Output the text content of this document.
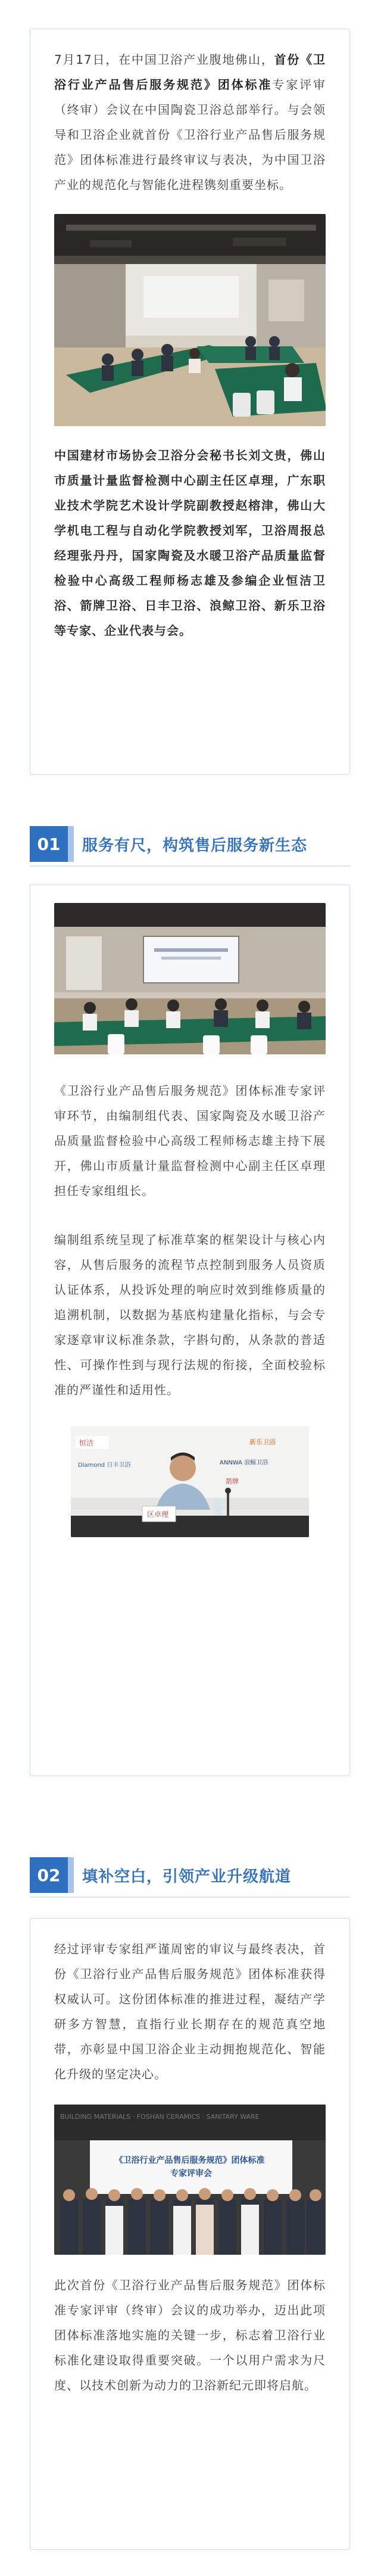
7月17日，在中国卫浴产业腹地佛山，首份《卫浴行业产品售后服务规范》团体标准专家评审（终审）会议在中国陶瓷卫浴总部举行。与会领导和卫浴企业就首份《卫浴行业产品售后服务规范》团体标准进行最终审议与表决，为中国卫浴产业的规范化与智能化进程镌刻重要坐标。

中国建材市场协会卫浴分会秘书长刘文贵，佛山市质量计量监督检测中心副主任区卓理，广东职业技术学院艺术设计学院副教授赵榕津，佛山大学机电工程与自动化学院教授刘军，卫浴周报总经理张丹丹，国家陶瓷及水暖卫浴产品质量监督检验中心高级工程师杨志雄及参编企业恒洁卫浴、箭牌卫浴、日丰卫浴、浪鲸卫浴、新乐卫浴等专家、企业代表与会。

01	服务有尺，构筑售后服务新生态

《卫浴行业产品售后服务规范》团体标准专家评审环节，由编制组代表、国家陶瓷及水暖卫浴产品质量监督检验中心高级工程师杨志雄主持下展开，佛山市质量计量监督检测中心副主任区卓理担任专家组组长。

编制组系统呈现了标准草案的框架设计与核心内容，从售后服务的流程节点控制到服务人员资质认证体系，从投诉处理的响应时效到维修质量的追溯机制，以数据为基底构建量化指标，与会专家逐章审议标准条款，字斟句酌，从条款的普适性、可操作性到与现行法规的衔接，全面校验标准的严谨性和适用性。

恒洁
Diamond 日丰卫浴	ANNWA 浪鲸卫浴
新乐卫浴
箭牌
区卓理
02	填补空白，引领产业升级航道

经过评审专家组严谨周密的审议与最终表决，首份《卫浴行业产品售后服务规范》团体标准获得权威认可。这份团体标准的推进过程，凝结产学研多方智慧，直指行业长期存在的规范真空地带，亦彰显中国卫浴企业主动拥抱规范化、智能化升级的坚定决心。

BUILDING MATERIALS · FOSHAN CERAMICS · SANITARY WARE
《卫浴行业产品售后服务规范》团体标准 专家评审会

此次首份《卫浴行业产品售后服务规范》团体标准专家评审（终审）会议的成功举办，迈出此项团体标准落地实施的关键一步，标志着卫浴行业标准化建设取得重要突破。一个以用户需求为尺度、以技术创新为动力的卫浴新纪元即将启航。
